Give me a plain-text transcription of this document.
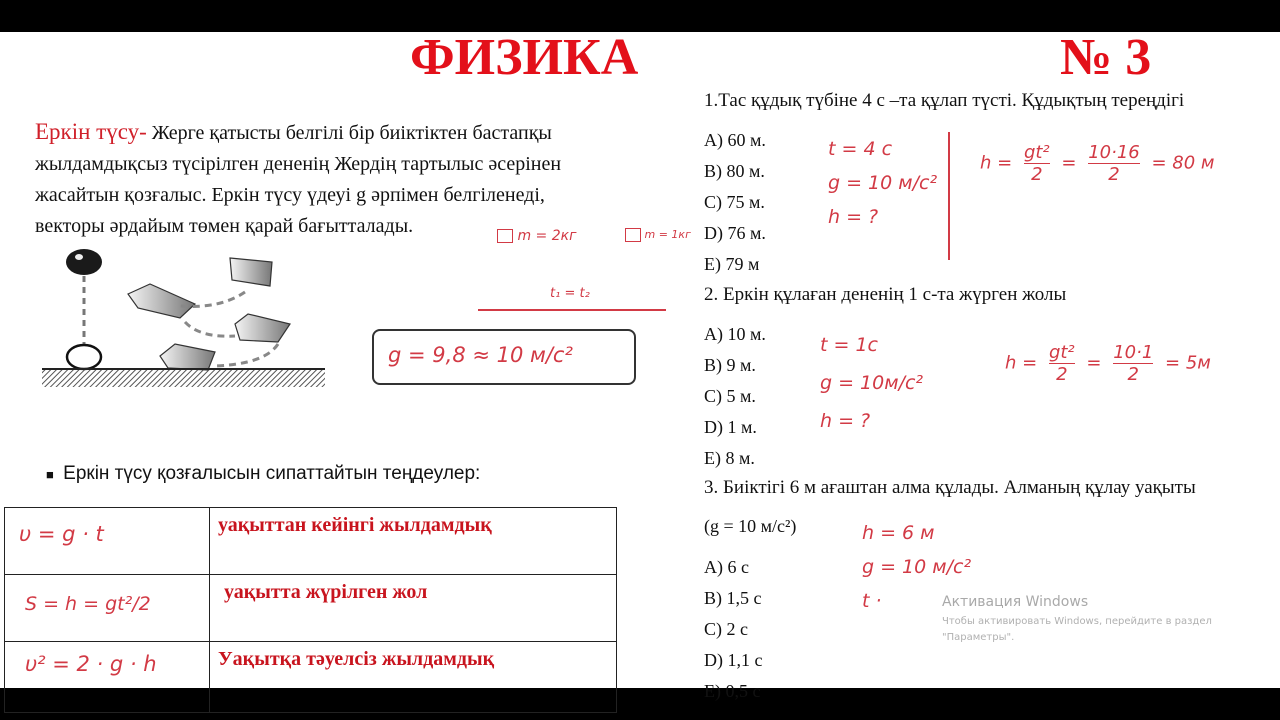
ФИЗИКА	№ 3
Еркін түсу- Жерге қатысты белгілі бір биіктіктен бастапқы
жылдамдықсыз түсірілген дененің Жердің тартылыс әсерінен
жасайтын қозғалыс. Еркін түсу үдеуі g әрпімен белгіленеді,
векторы әрдайым төмен қарай бағытталады.	m = 2кг	m = 1кг
t₁ = t₂
g = 9,8 ≈ 10 м/с²
■ Еркін түсу қозғалысын сипаттайтын теңдеулер:
υ = g · t	уақыттан кейінгі жылдамдық

S = h = gt²/2	уақытта жүрілген жол

υ² = 2 · g · h	Уақытқа тәуелсіз жылдамдық
1.Тас құдық түбіне 4 с –та құлап түсті. Құдықтың тереңдігі
A) 60 м.
B) 80 м.
C) 75 м.
D) 76 м.
E) 79 м
t = 4 с
g = 10 м/с²
h = ?
$h = \frac{\text{gt²}}{2} = \frac{10\cdot 16}{2} = 80$ м
2. Еркін құлаған дененің 1 с-та жүрген жолы
A) 10 м.
B) 9 м.
C) 5 м.
D) 1 м.
E) 8 м.
t = 1с
g = 10м/с²
h = ?
$h = \frac{\text{gt²}}{2} = \frac{10\cdot 1}{2} = 5м$
3. Биіктігі 6 м ағаштан алма құлады. Алманың құлау уақыты
(g = 10 м/с²)
A) 6 с
B) 1,5 с
C) 2 с
D) 1,1 с
E) 0,5 с
h = 6 м
g = 10 м/с²
t ·	Активация Windows
Чтобы активировать Windows, перейдите в раздел
"Параметры".
